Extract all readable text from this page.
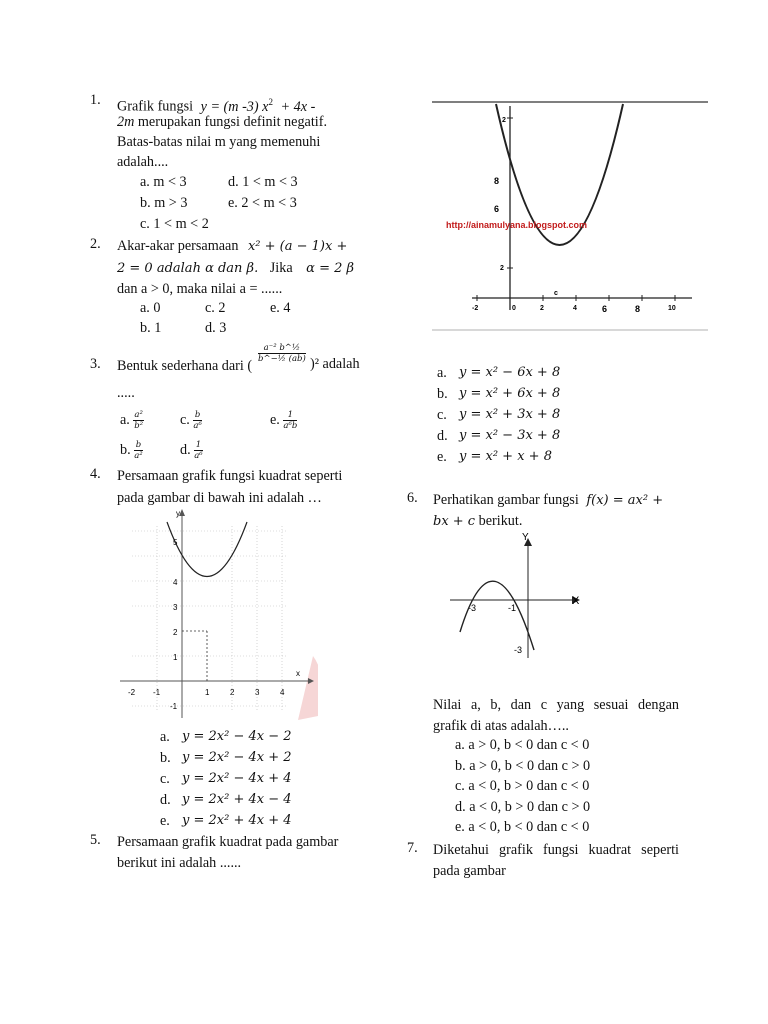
1. Grafik fungsi y = (m -3) $x^2 + 4x$ -
2m merupakan fungsi definit negatif.
Batas-batas nilai m yang memenuhi
adalah....
a. m < 3	d. 1 < m < 3
b. m > 3	e. 2 < m < 3
c. 1 < m < 2
2. Akar-akar persamaan x² + (a − 1)x +
2 = 0 adalah α dan β. Jika α = 2 β
dan a > 0, maka nilai a = ......
a. 0	c. 2	e. 4
b. 1	d. 3
3. Bentuk sederhana dari (
$\frac{\text{a⁻² b\textasciicircum{}½}}{\text{b\textasciicircum{}−½ (ab)}} )^2$ adalah
.....
a. $\frac{\text{a²}}{\text{b²}}$	c. $\frac{b}{\text{a⁶}}$	e. $\frac{1}{\text{a⁶b}}$
b. $\frac{b}{\text{a²}}$	d. $\frac{1}{\text{a⁶}}$
4. Persamaan grafik fungsi kuadrat seperti
pada gambar di bawah ini adalah …
y
x
-2 -1	1	2	3	4
-1
1
2
3
4
5
a. y = 2x² − 4x − 2
b. y = 2x² − 4x + 2
c. y = 2x² − 4x + 4
d. y = 2x² + 4x − 4
e. y = 2x² + 4x + 4
5. Persamaan grafik kuadrat pada gambar
berikut ini adalah ......
2
8
6
2
-2	0	2	4	6	8	10
c
http://ainamulyana.blogspot.com
a. y = x² − 6x + 8
b. y = x² + 6x + 8
c. y = x² + 3x + 8
d. y = x² − 3x + 8
e. y = x² + x + 8
6. Perhatikan gambar fungsi f(x) = ax² +
bx + c berikut.
X
Y
-3	-1
-3
Nilai a, b, dan c yang sesuai dengan
grafik di atas adalah…..
a. a > 0, b < 0 dan c < 0
b. a > 0, b < 0 dan c > 0
c. a < 0, b > 0 dan c < 0
d. a < 0, b > 0 dan c > 0
e. a < 0, b < 0 dan c < 0
7. Diketahui grafik fungsi kuadrat seperti
pada gambar
